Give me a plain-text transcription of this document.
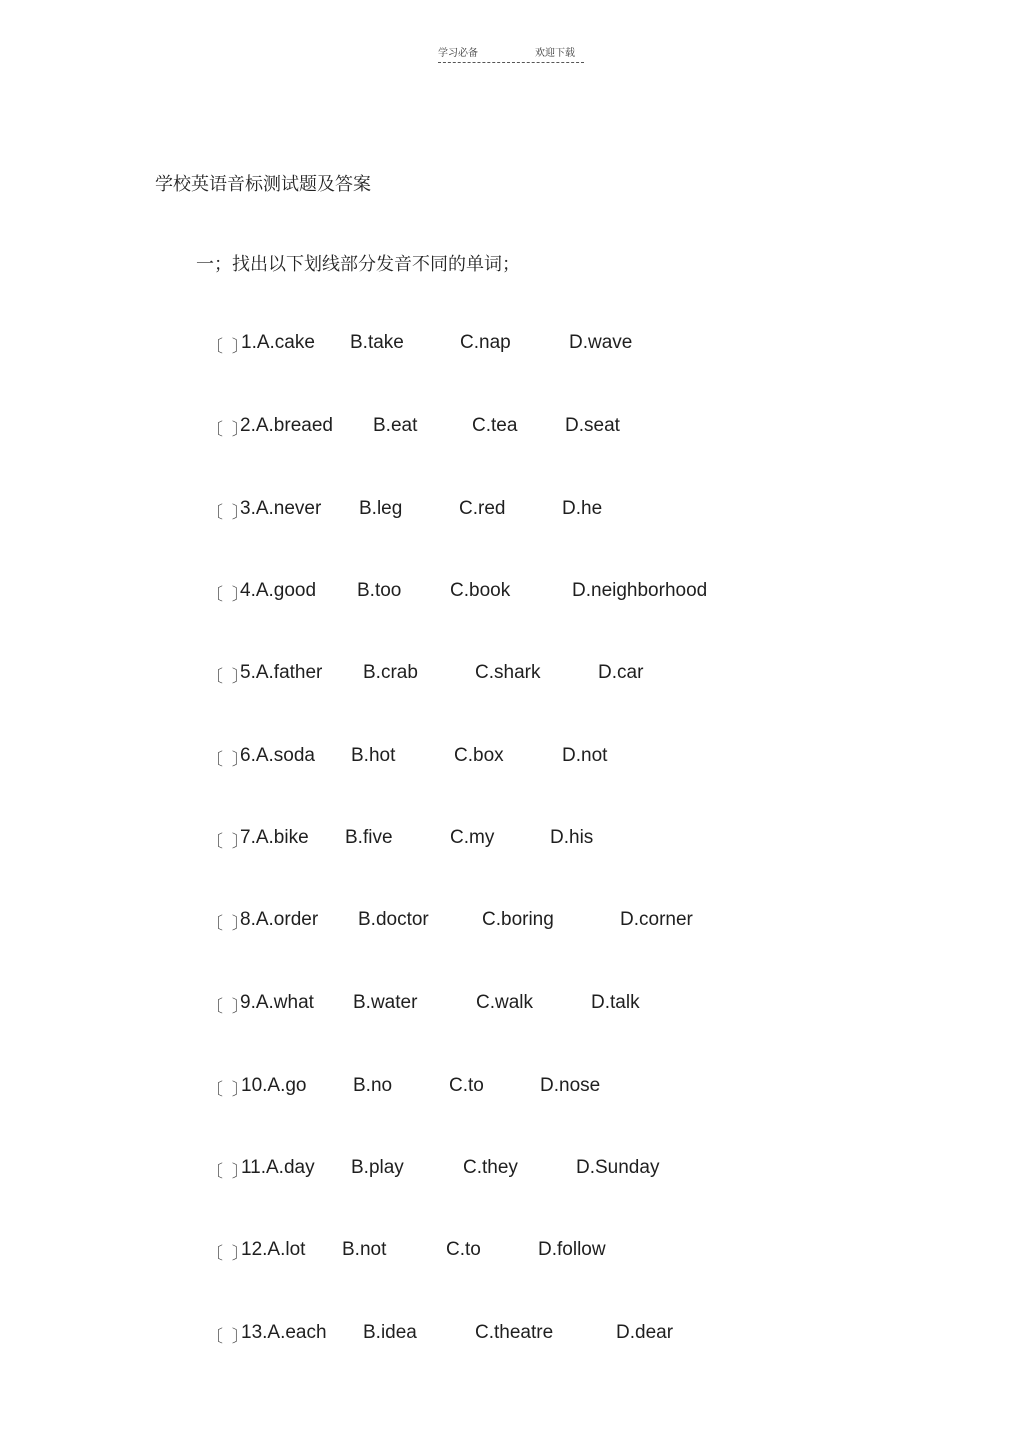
学习必备	欢迎下载
学校英语音标测试题及答案
一；找出以下划线部分发音不同的单词；
〔 〕
1.A.cake B.take	C.nap	D.wave
〔 〕
2.A.breaed B.eat	C.tea	D.seat
〔 〕
3.A.never B.leg	C.red	D.he
〔 〕
4.A.good B.too	C.book	D.neighborhood
〔 〕
5.A.father B.crab	C.shark	D.car
〔 〕
6.A.soda B.hot	C.box	D.not
〔 〕
7.A.bike B.five	C.my	D.his
〔 〕
8.A.order B.doctor	C.boring	D.corner
〔 〕
9.A.what B.water	C.walk	D.talk
〔 〕
10.A.go B.no	C.to	D.nose
〔 〕
11.A.day B.play	C.they	D.Sunday
〔 〕
12.A.lot B.not	C.to	D.follow
〔 〕
13.A.each B.idea	C.theatre	D.dear
